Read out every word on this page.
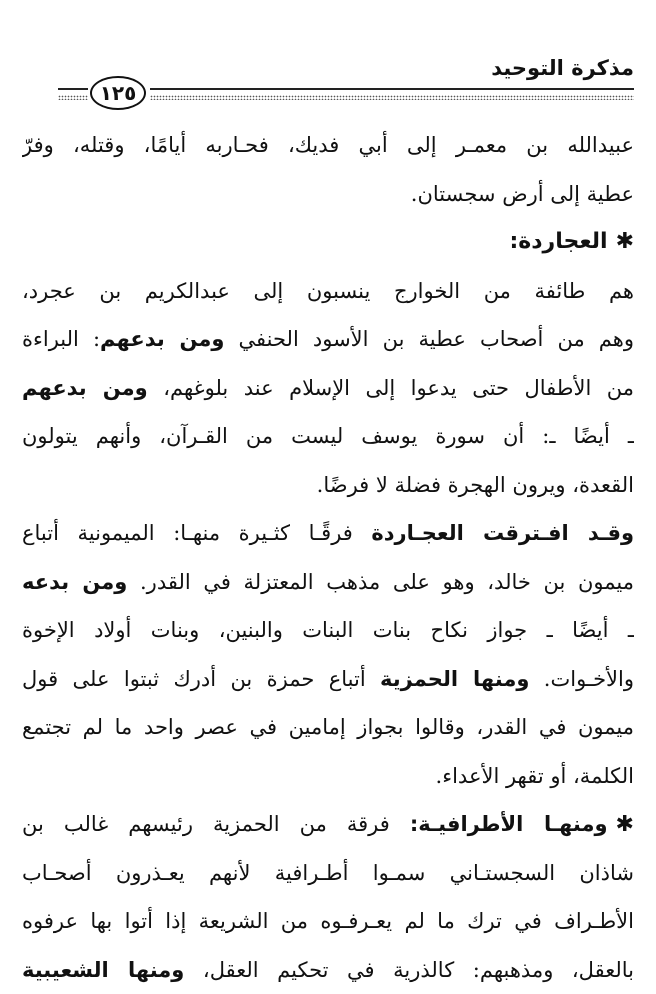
مذكرة التوحيد
١٢٥
عبيدالله بن معمـر إلى أبي فديك، فحـاربه أيامًا، وقتله، وفرّ
عطية إلى أرض سجستان.
✱العجاردة:
هم طائفة من الخوارج ينسبون إلى عبدالكريم بن عجرد،
وهم من أصحاب عطية بن الأسود الحنفي ومن بدعهم: البراءة
من الأطفال حتى يدعوا إلى الإسلام عند بلوغهم، ومن بدعهم
ـ أيضًا ـ: أن سورة يوسف ليست من القـرآن، وأنهم يتولون
القعدة، ويرون الهجرة فضلة لا فرضًا.
وقـد افـترقت العجـاردة فرقًـا كثـيرة منهـا: الميمونية أتباع
ميمون بن خالد، وهو على مذهب المعتزلة في القدر. ومن بدعه
ـ أيضًا ـ جواز نكاح بنات البنات والبنين، وبنات أولاد الإخوة
والأخـوات. ومنها الحمزية أتباع حمزة بن أدرك ثبتوا على قول
ميمون في القدر، وقالوا بجواز إمامين في عصر واحد ما لم تجتمع
الكلمة، أو تقهر الأعداء.
✱ومنهـا الأطرافيـة: فرقة من الحمزية رئيسهم غالب بن
شاذان السجستـاني سمـوا أطـرافية لأنهم يعـذرون أصحـاب
الأطـراف في ترك ما لم يعـرفـوه من الشريعة إذا أتوا بها عرفوه
بالعقل، ومذهبهم: كالذرية في تحكيم العقل، ومنها الشعيبية
